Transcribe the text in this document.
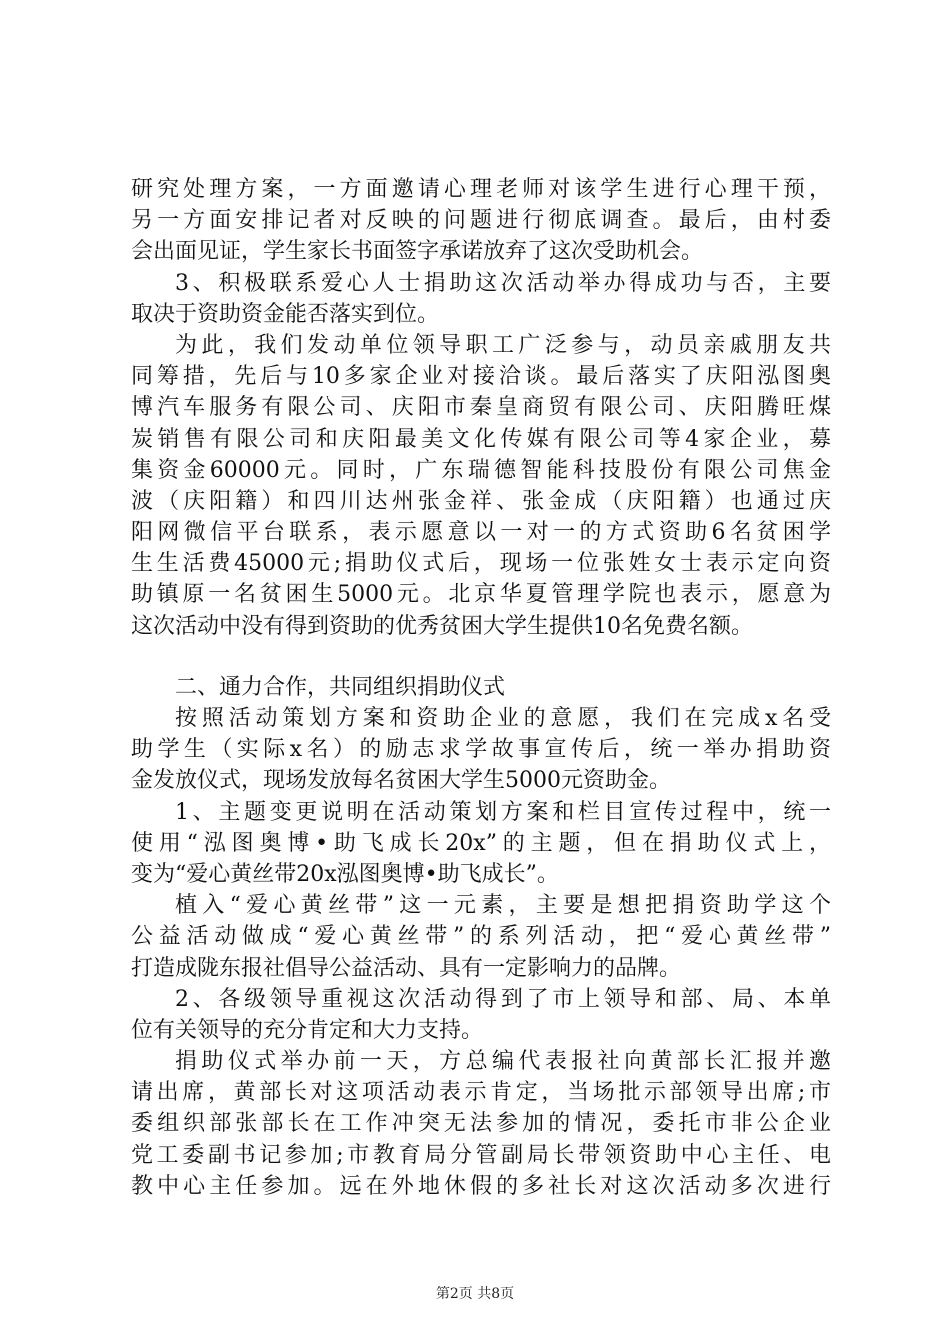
研究处理方案，一方面邀请心理老师对该学生进行心理干预，
另一方面安排记者对反映的问题进行彻底调查。最后，由村委
会出面见证，学生家长书面签字承诺放弃了这次受助机会。
3、积极联系爱心人士捐助这次活动举办得成功与否，主要
取决于资助资金能否落实到位。
为此，我们发动单位领导职工广泛参与，动员亲戚朋友共
同筹措，先后与10多家企业对接洽谈。最后落实了庆阳泓图奥
博汽车服务有限公司、庆阳市秦皇商贸有限公司、庆阳腾旺煤
炭销售有限公司和庆阳最美文化传媒有限公司等4家企业，募
集资金60000元。同时，广东瑞德智能科技股份有限公司焦金
波（庆阳籍）和四川达州张金祥、张金成（庆阳籍）也通过庆
阳网微信平台联系，表示愿意以一对一的方式资助6名贫困学
生生活费45000元;捐助仪式后，现场一位张姓女士表示定向资
助镇原一名贫困生5000元。北京华夏管理学院也表示，愿意为
这次活动中没有得到资助的优秀贫困大学生提供10名免费名额。
二、通力合作，共同组织捐助仪式
按照活动策划方案和资助企业的意愿，我们在完成x名受
助学生（实际x名）的励志求学故事宣传后，统一举办捐助资
金发放仪式，现场发放每名贫困大学生5000元资助金。
1、主题变更说明在活动策划方案和栏目宣传过程中，统一
使用“泓图奥博•助飞成长20x”的主题，但在捐助仪式上，
变为“爱心黄丝带20x泓图奥博•助飞成长”。
植入“爱心黄丝带”这一元素，主要是想把捐资助学这个
公益活动做成“爱心黄丝带”的系列活动，把“爱心黄丝带”
打造成陇东报社倡导公益活动、具有一定影响力的品牌。
2、各级领导重视这次活动得到了市上领导和部、局、本单
位有关领导的充分肯定和大力支持。
捐助仪式举办前一天，方总编代表报社向黄部长汇报并邀
请出席，黄部长对这项活动表示肯定，当场批示部领导出席;市
委组织部张部长在工作冲突无法参加的情况，委托市非公企业
党工委副书记参加;市教育局分管副局长带领资助中心主任、电
教中心主任参加。远在外地休假的多社长对这次活动多次进行
第2页 共8页
